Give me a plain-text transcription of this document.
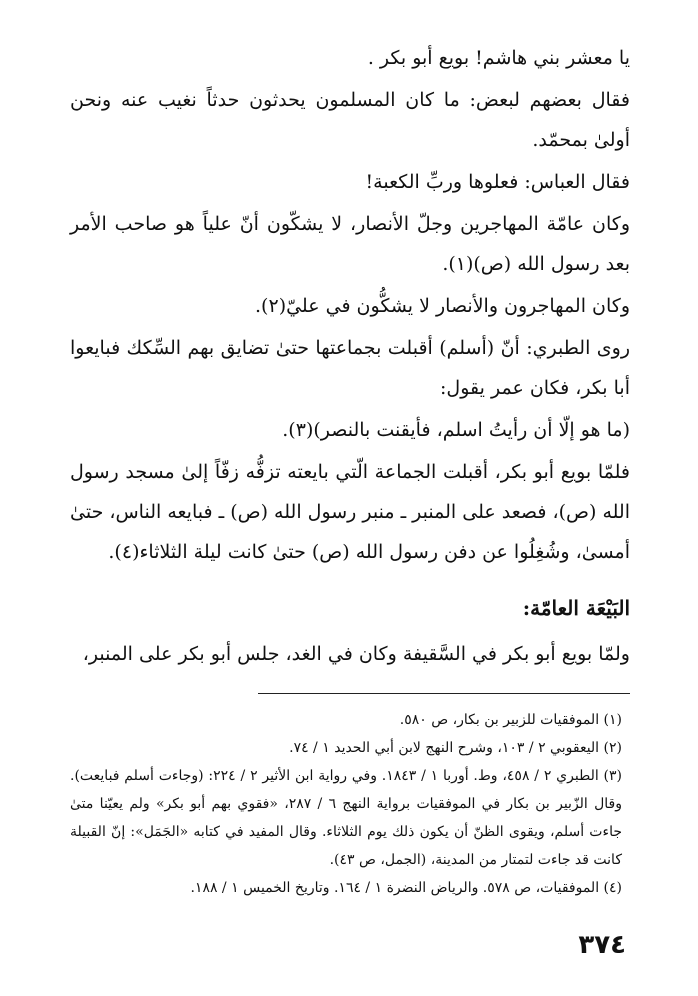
يا معشر بني هاشم! بويع أبو بكر .

فقال بعضهم لبعض: ما كان المسلمون يحدثون حدثاً نغيب عنه ونحن أولىٰ بمحمّد.

فقال العباس: فعلوها وربِّ الكعبة!

وكان عامّة المهاجرين وجلّ الأنصار، لا يشكّون أنّ علياً هو صاحب الأمر بعد رسول الله (ص)(١).

وكان المهاجرون والأنصار لا يشكُّون في عليّ(٢).

روى الطبري: أنّ (أسلم) أقبلت بجماعتها حتىٰ تضايق بهم السِّكك فبايعوا أبا بكر، فكان عمر يقول:

(ما هو إلّا أن رأيتُ اسلم، فأيقنت بالنصر)(٣).

فلمّا بويع أبو بكر، أقبلت الجماعة الّتي بايعته تزفُّه زفّاً إلىٰ مسجد رسول الله (ص)، فصعد على المنبر ـ منبر رسول الله (ص) ـ فبايعه الناس، حتىٰ أمسىٰ، وشُغِلُوا عن دفن رسول الله (ص) حتىٰ كانت ليلة الثلاثاء(٤).

البَيْعَة العامّة:
ولمّا بويع أبو بكر في السَّقيفة وكان في الغد، جلس أبو بكر على المنبر،

(١) الموفقيات للزبير بن بكار، ص ٥٨٠.

(٢) اليعقوبي ٢ / ١٠٣، وشرح النهج لابن أبي الحديد ١ / ٧٤.

(٣) الطبري ٢ / ٤٥٨، وط. أوربا ١ / ١٨٤٣. وفي رواية ابن الأثير ٢ / ٢٢٤: (وجاءت أسلم فبايعت). وقال الزّبير بن بكار في الموفقيات برواية النهج ٦ / ٢٨٧، «فقوي بهم أبو بكر» ولم يعيّنا متىٰ جاءت أسلم، ويقوى الظنّ أن يكون ذلك يوم الثلاثاء. وقال المفيد في كتابه «الجَمَل»: إنّ القبيلة كانت قد جاءت لتمتار من المدينة، (الجمل، ص ٤٣).

(٤) الموفقيات، ص ٥٧٨. والرياض النضرة ١ / ١٦٤. وتاريخ الخميس ١ / ١٨٨.

٣٧٤
